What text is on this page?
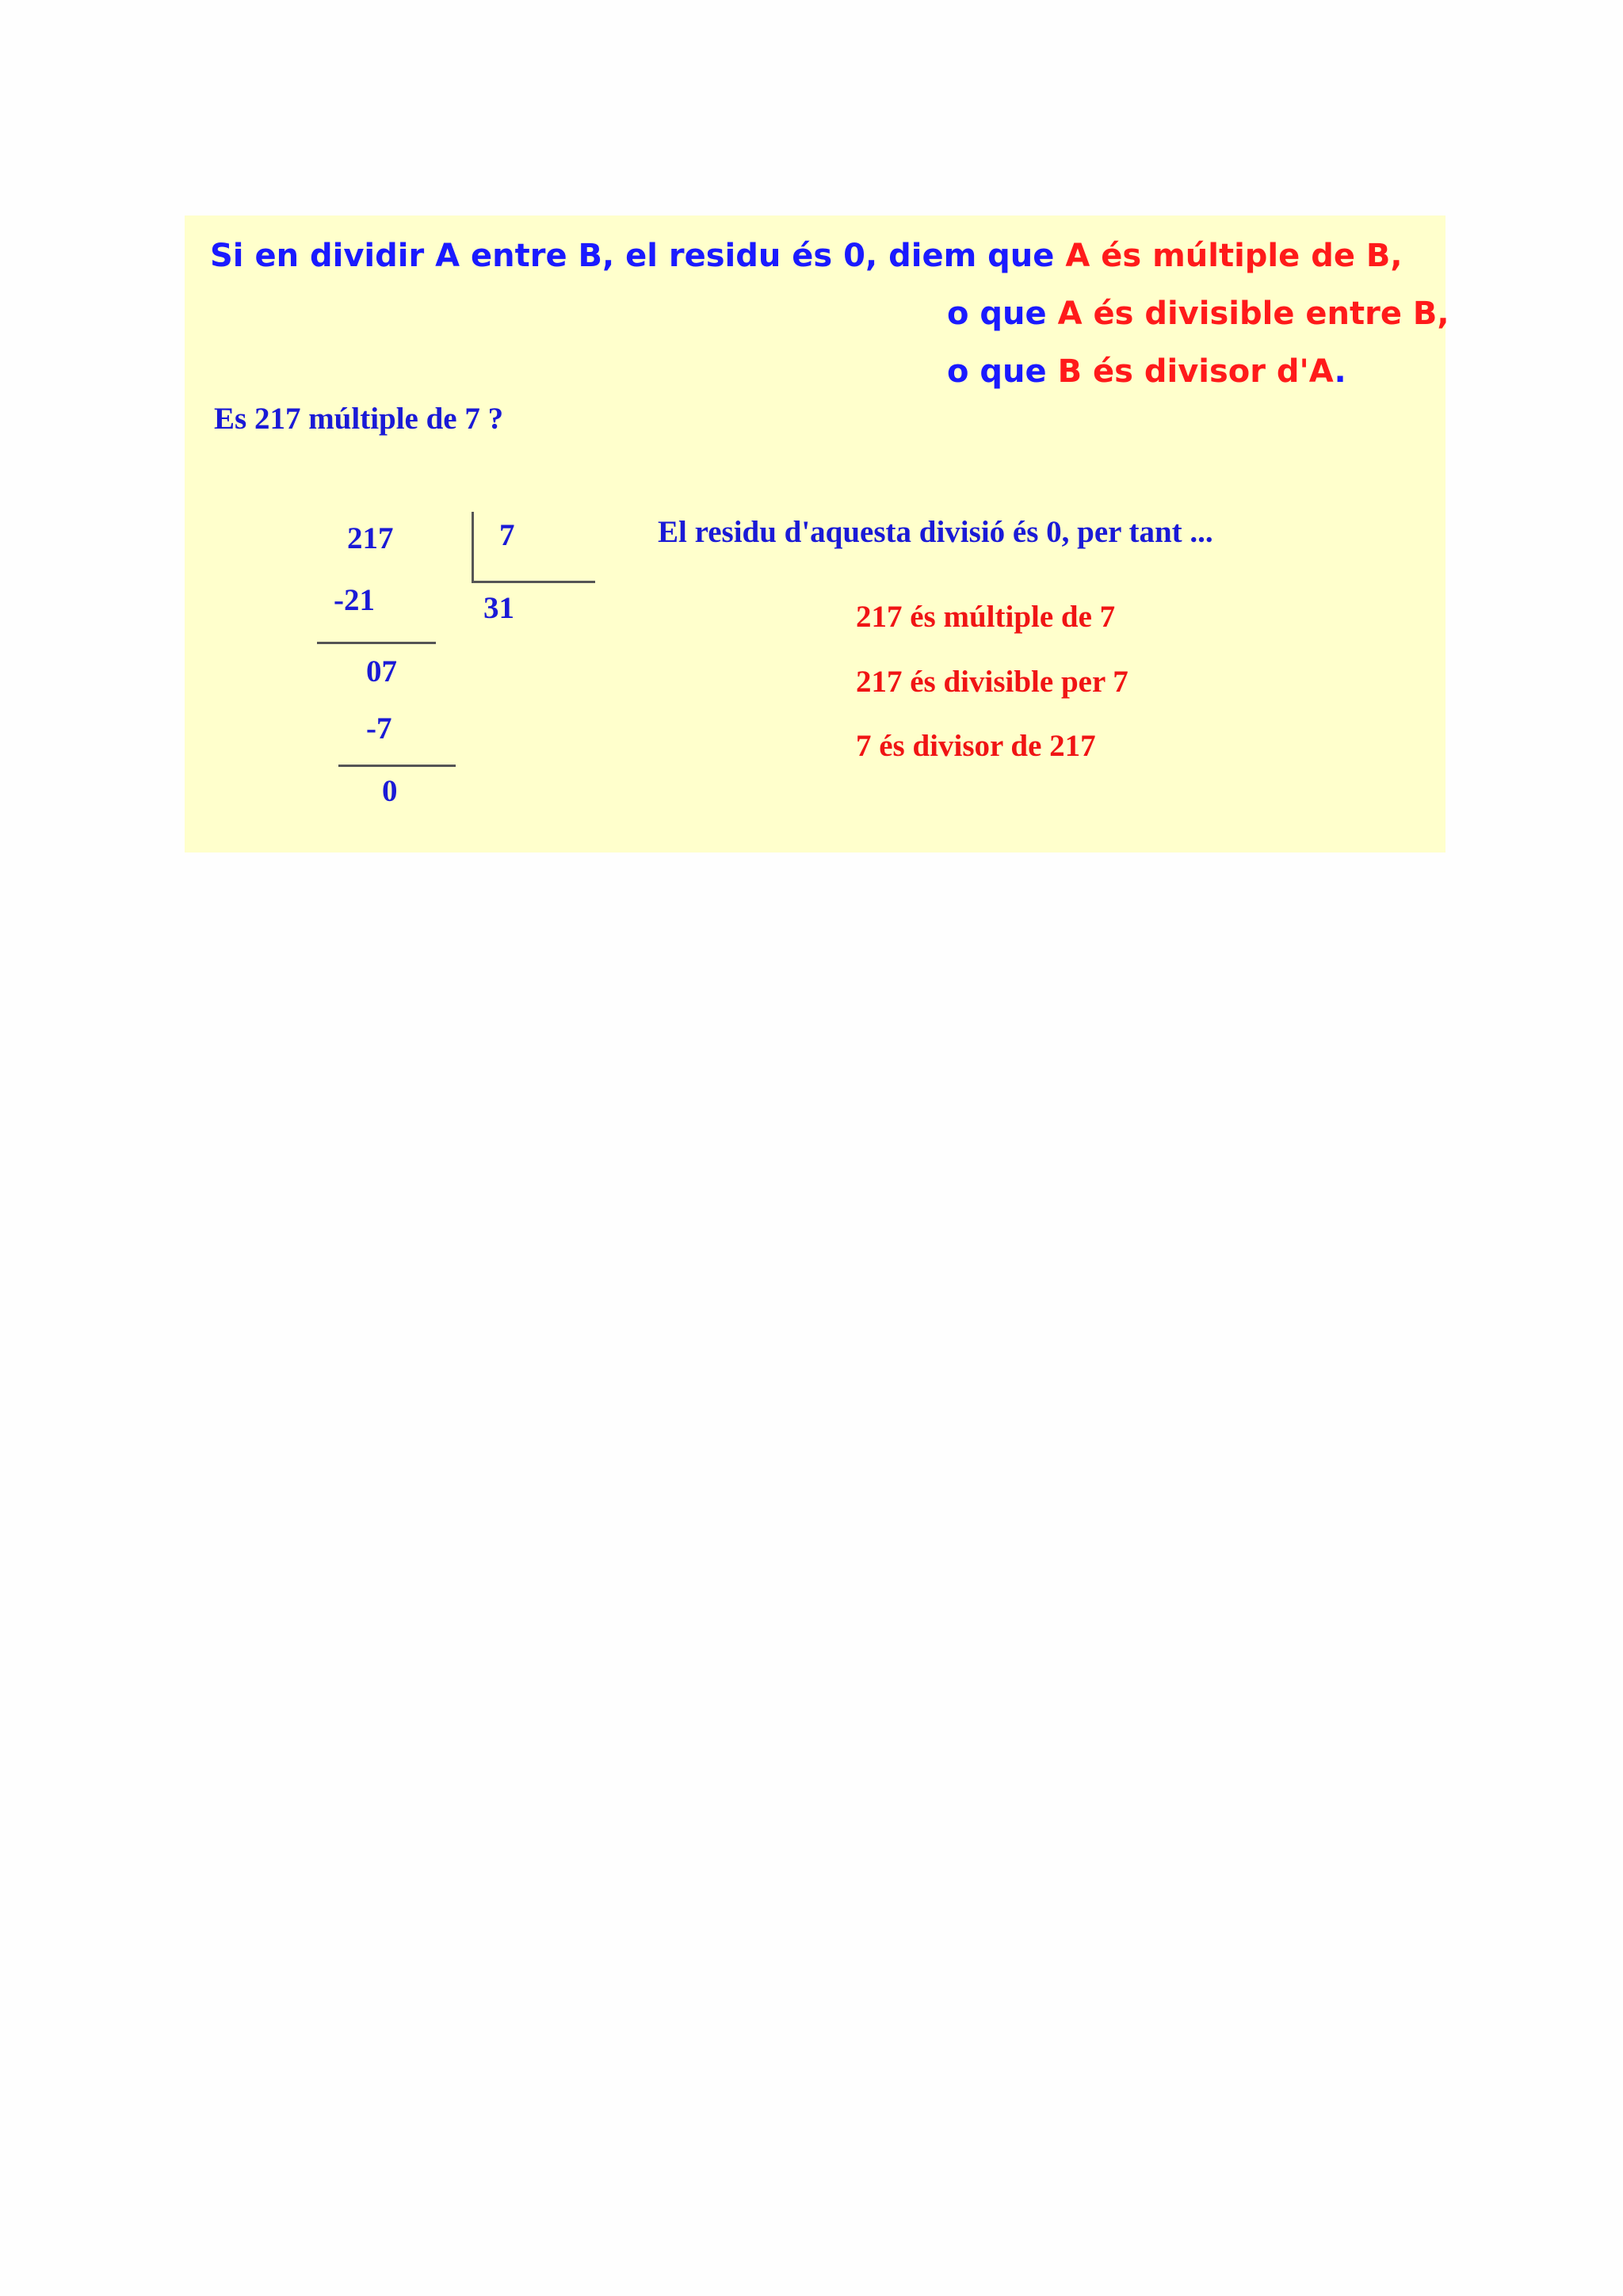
Si en dividir A entre B, el residu és 0, diem que A és múltiple de B,
o que A és divisible entre B,
o que B és divisor d'A.
Es 217 múltiple de 7 ?
217	7
-21	31
07
-7
0
El residu d'aquesta divisió és 0, per tant ...
217 és múltiple de 7
217 és divisible per 7
7 és divisor de 217
